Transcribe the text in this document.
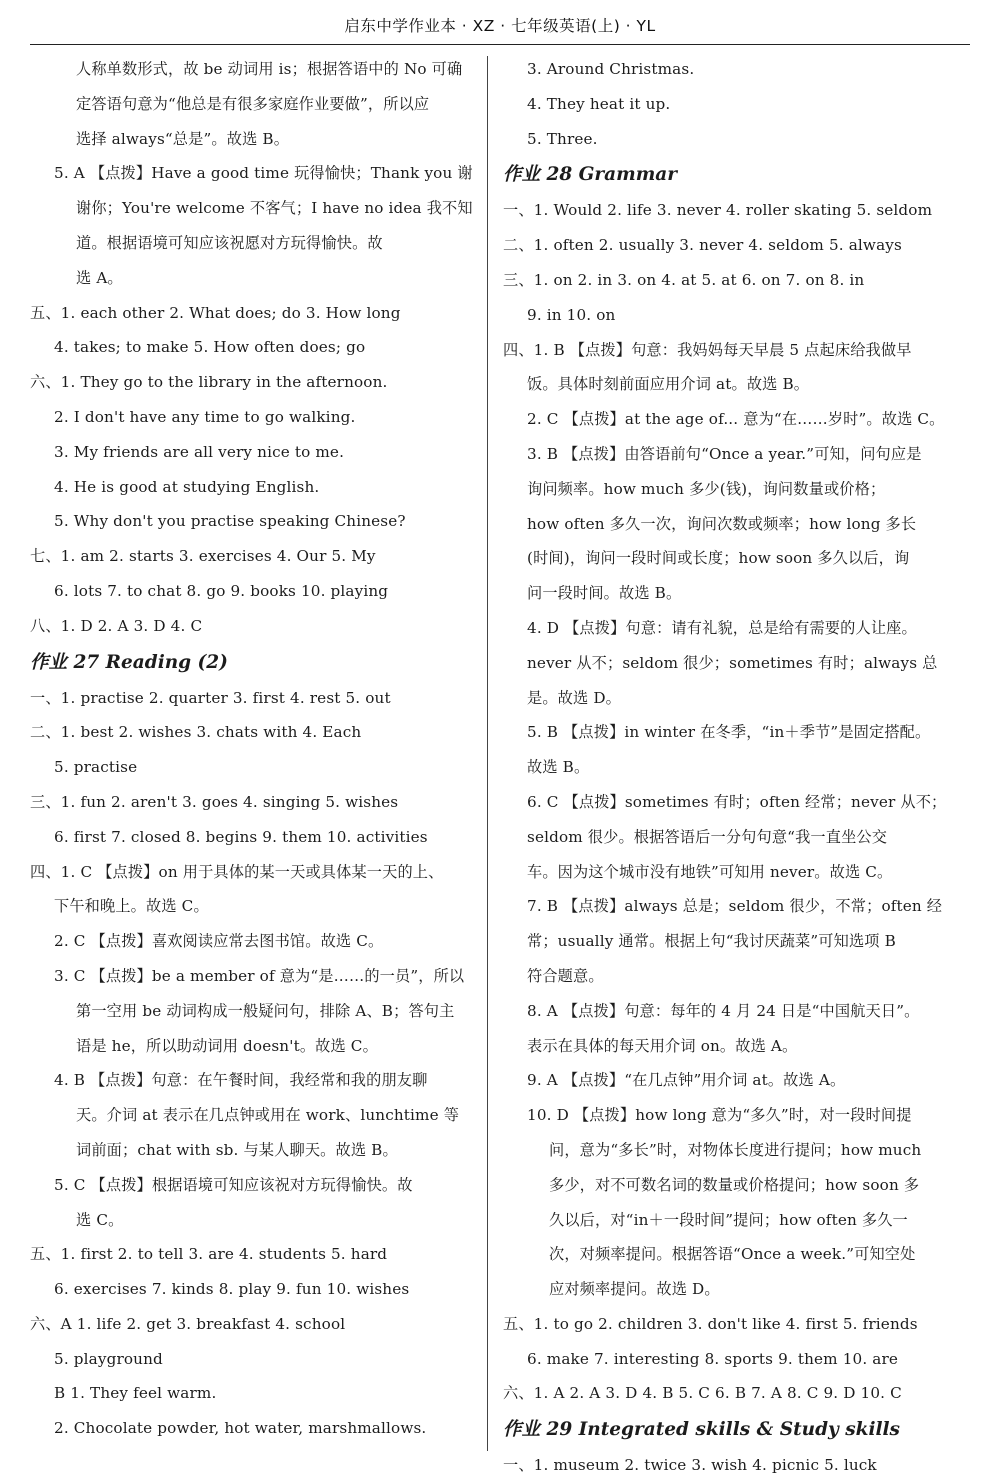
启东中学作业本 · XZ · 七年级英语(上) · YL
人称单数形式，故 be 动词用 is；根据答语中的 No 可确
定答语句意为“他总是有很多家庭作业要做”，所以应
选择 always“总是”。故选 B。
5. A 【点拨】Have a good time 玩得愉快；Thank you 谢
谢你；You're welcome 不客气；I have no idea 我不知
道。根据语境可知应该祝愿对方玩得愉快。故
选 A。
五、1. each other 2. What does; do 3. How long
4. takes; to make 5. How often does; go
六、1. They go to the library in the afternoon.
2. I don't have any time to go walking.
3. My friends are all very nice to me.
4. He is good at studying English.
5. Why don't you practise speaking Chinese?
七、1. am 2. starts 3. exercises 4. Our 5. My
6. lots 7. to chat 8. go 9. books 10. playing
八、1. D 2. A 3. D 4. C
作业 27 Reading (2)
一、1. practise 2. quarter 3. first 4. rest 5. out
二、1. best 2. wishes 3. chats with 4. Each
5. practise
三、1. fun 2. aren't 3. goes 4. singing 5. wishes
6. first 7. closed 8. begins 9. them 10. activities
四、1. C 【点拨】on 用于具体的某一天或具体某一天的上、
下午和晚上。故选 C。
2. C 【点拨】喜欢阅读应常去图书馆。故选 C。
3. C 【点拨】be a member of 意为“是……的一员”，所以
第一空用 be 动词构成一般疑问句，排除 A、B；答句主
语是 he，所以助动词用 doesn't。故选 C。
4. B 【点拨】句意：在午餐时间，我经常和我的朋友聊
天。介词 at 表示在几点钟或用在 work、lunchtime 等
词前面；chat with sb. 与某人聊天。故选 B。
5. C 【点拨】根据语境可知应该祝对方玩得愉快。故
选 C。
五、1. first 2. to tell 3. are 4. students 5. hard
6. exercises 7. kinds 8. play 9. fun 10. wishes
六、A 1. life 2. get 3. breakfast 4. school
5. playground
B 1. They feel warm.
2. Chocolate powder, hot water, marshmallows.
3. Around Christmas.
4. They heat it up.
5. Three.
作业 28 Grammar
一、1. Would 2. life 3. never 4. roller skating 5. seldom
二、1. often 2. usually 3. never 4. seldom 5. always
三、1. on 2. in 3. on 4. at 5. at 6. on 7. on 8. in
9. in 10. on
四、1. B 【点拨】句意：我妈妈每天早晨 5 点起床给我做早
饭。具体时刻前面应用介词 at。故选 B。
2. C 【点拨】at the age of... 意为“在……岁时”。故选 C。
3. B 【点拨】由答语前句“Once a year.”可知，问句应是
询问频率。how much 多少(钱)，询问数量或价格；
how often 多久一次，询问次数或频率；how long 多长
(时间)，询问一段时间或长度；how soon 多久以后，询
问一段时间。故选 B。
4. D 【点拨】句意：请有礼貌，总是给有需要的人让座。
never 从不；seldom 很少；sometimes 有时；always 总
是。故选 D。
5. B 【点拨】in winter 在冬季，“in＋季节”是固定搭配。
故选 B。
6. C 【点拨】sometimes 有时；often 经常；never 从不；
seldom 很少。根据答语后一分句句意“我一直坐公交
车。因为这个城市没有地铁”可知用 never。故选 C。
7. B 【点拨】always 总是；seldom 很少，不常；often 经
常；usually 通常。根据上句“我讨厌蔬菜”可知选项 B
符合题意。
8. A 【点拨】句意：每年的 4 月 24 日是“中国航天日”。
表示在具体的每天用介词 on。故选 A。
9. A 【点拨】“在几点钟”用介词 at。故选 A。
10. D 【点拨】how long 意为“多久”时，对一段时间提
问，意为“多长”时，对物体长度进行提问；how much
多少，对不可数名词的数量或价格提问；how soon 多
久以后，对“in＋一段时间”提问；how often 多久一
次，对频率提问。根据答语“Once a week.”可知空处
应对频率提问。故选 D。
五、1. to go 2. children 3. don't like 4. first 5. friends
6. make 7. interesting 8. sports 9. them 10. are
六、1. A 2. A 3. D 4. B 5. C 6. B 7. A 8. C 9. D 10. C
作业 29 Integrated skills & Study skills
一、1. museum 2. twice 3. wish 4. picnic 5. luck
